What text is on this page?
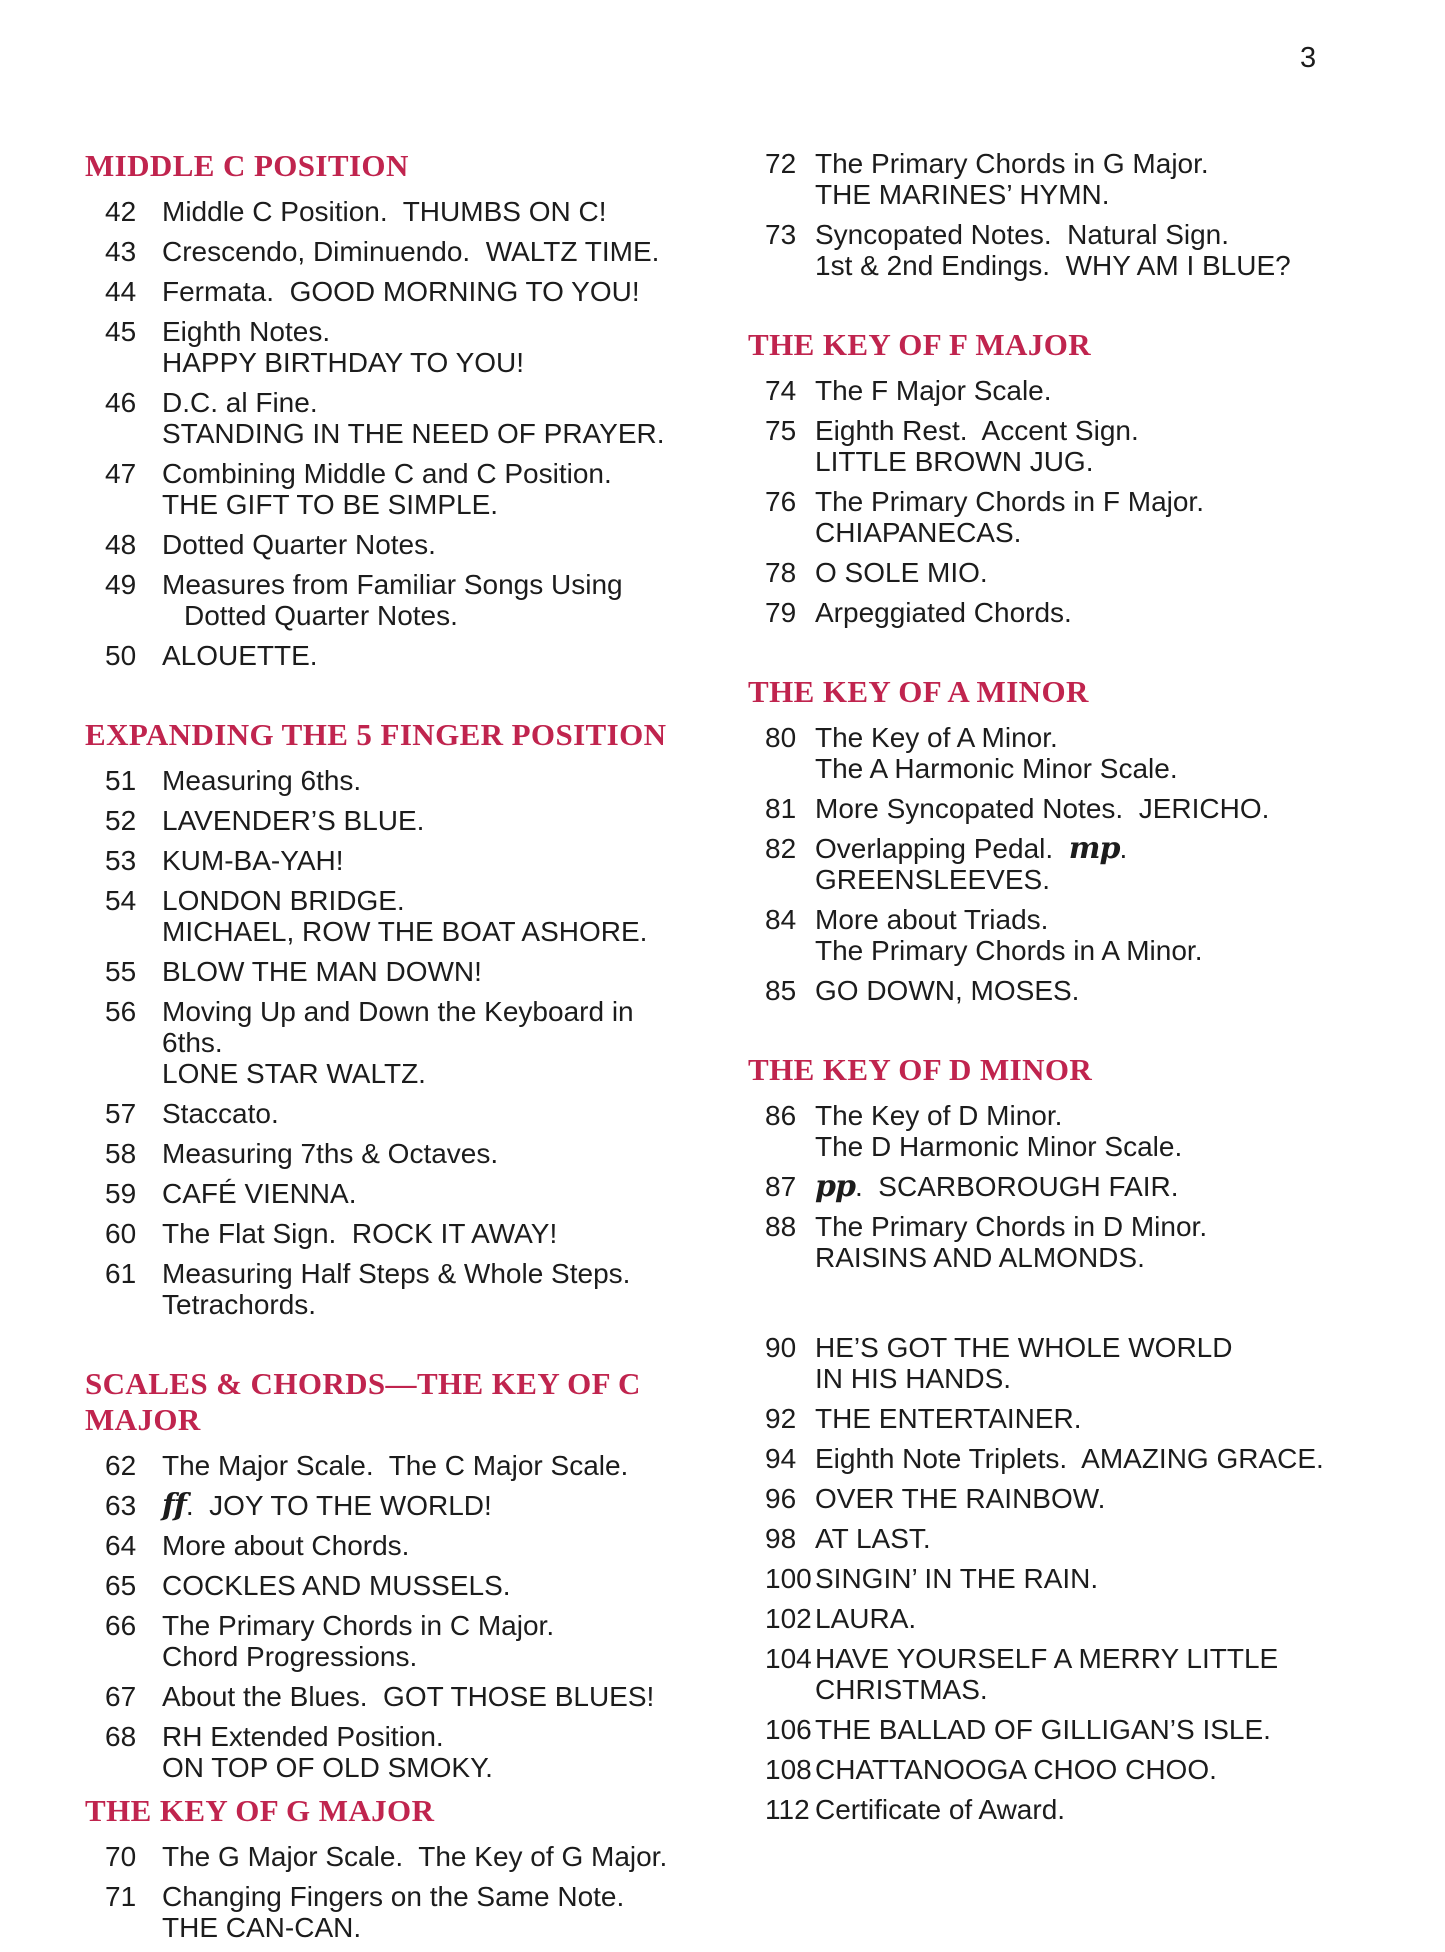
3
MIDDLE C POSITION
42 Middle C Position.  THUMBS ON C!
43 Crescendo, Diminuendo.  WALTZ TIME.
44 Fermata.  GOOD MORNING TO YOU!
45 Eighth Notes.
HAPPY BIRTHDAY TO YOU!
46 D.C. al Fine.
STANDING IN THE NEED OF PRAYER.
47 Combining Middle C and C Position.
THE GIFT TO BE SIMPLE.
48 Dotted Quarter Notes.
49 Measures from Familiar Songs Using
Dotted Quarter Notes.
50 ALOUETTE.
EXPANDING THE 5 FINGER POSITION
51 Measuring 6ths.
52 LAVENDER’S BLUE.
53 KUM-BA-YAH!
54 LONDON BRIDGE.
MICHAEL, ROW THE BOAT ASHORE.
55 BLOW THE MAN DOWN!
56 Moving Up and Down the Keyboard in 6ths.
LONE STAR WALTZ.
57 Staccato.
58 Measuring 7ths & Octaves.
59 CAFÉ VIENNA.
60 The Flat Sign.  ROCK IT AWAY!
61 Measuring Half Steps & Whole Steps.
Tetrachords.
SCALES & CHORDS—THE KEY OF C MAJOR
62 The Major Scale.  The C Major Scale.
63 ff.  JOY TO THE WORLD!
64 More about Chords.
65 COCKLES AND MUSSELS.
66 The Primary Chords in C Major.
Chord Progressions.
67 About the Blues.  GOT THOSE BLUES!
68 RH Extended Position.
ON TOP OF OLD SMOKY.
THE KEY OF G MAJOR
70 The G Major Scale.  The Key of G Major.
71 Changing Fingers on the Same Note.
THE CAN-CAN.
72 The Primary Chords in G Major.
THE MARINES’ HYMN.
73 Syncopated Notes.  Natural Sign.
1st & 2nd Endings.  WHY AM I BLUE?
THE KEY OF F MAJOR
74 The F Major Scale.
75 Eighth Rest.  Accent Sign.
LITTLE BROWN JUG.
76 The Primary Chords in F Major.
CHIAPANECAS.
78 O SOLE MIO.
79 Arpeggiated Chords.
THE KEY OF A MINOR
80 The Key of A Minor.
The A Harmonic Minor Scale.
81 More Syncopated Notes.  JERICHO.
82 Overlapping Pedal.  mp.
GREENSLEEVES.
84 More about Triads.
The Primary Chords in A Minor.
85 GO DOWN, MOSES.
THE KEY OF D MINOR
86 The Key of D Minor.
The D Harmonic Minor Scale.
87 pp.  SCARBOROUGH FAIR.
88 The Primary Chords in D Minor.
RAISINS AND ALMONDS.
90 HE’S GOT THE WHOLE WORLD
IN HIS HANDS.
92 THE ENTERTAINER.
94 Eighth Note Triplets.  AMAZING GRACE.
96 OVER THE RAINBOW.
98 AT LAST.
100 SINGIN’ IN THE RAIN.
102 LAURA.
104 HAVE YOURSELF A MERRY LITTLE
CHRISTMAS.
106 THE BALLAD OF GILLIGAN’S ISLE.
108 CHATTANOOGA CHOO CHOO.
112 Certificate of Award.
